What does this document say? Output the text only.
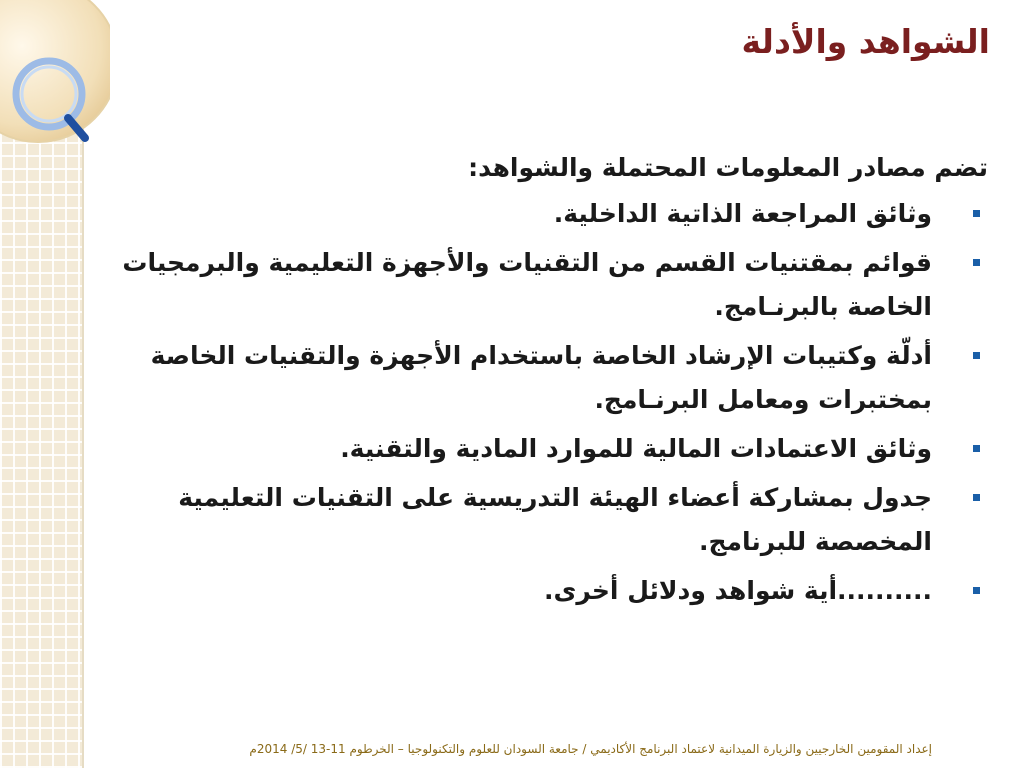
الشواهد والأدلة

تضم مصادر المعلومات المحتملة والشواهد:

وثائق المراجعة الذاتية الداخلية.
قوائم بمقتنيات القسم من التقنيات والأجهزة التعليمية والبرمجيات الخاصة بالبرنـامج.
أدلّة وكتيبات الإرشاد الخاصة باستخدام الأجهزة والتقنيات الخاصة بمختبرات ومعامل البرنـامج.
وثائق الاعتمادات المالية للموارد المادية والتقنية.
جدول بمشاركة أعضاء الهيئة التدريسية على التقنيات التعليمية المخصصة للبرنامج.
..........أية شواهد ودلائل أخرى.
إعداد المقومين الخارجيين والزيارة الميدانية لاعتماد البرنامج الأكاديمي / جامعة السودان للعلوم والتكنولوجيا – الخرطوم 11-13 /5/ 2014م
